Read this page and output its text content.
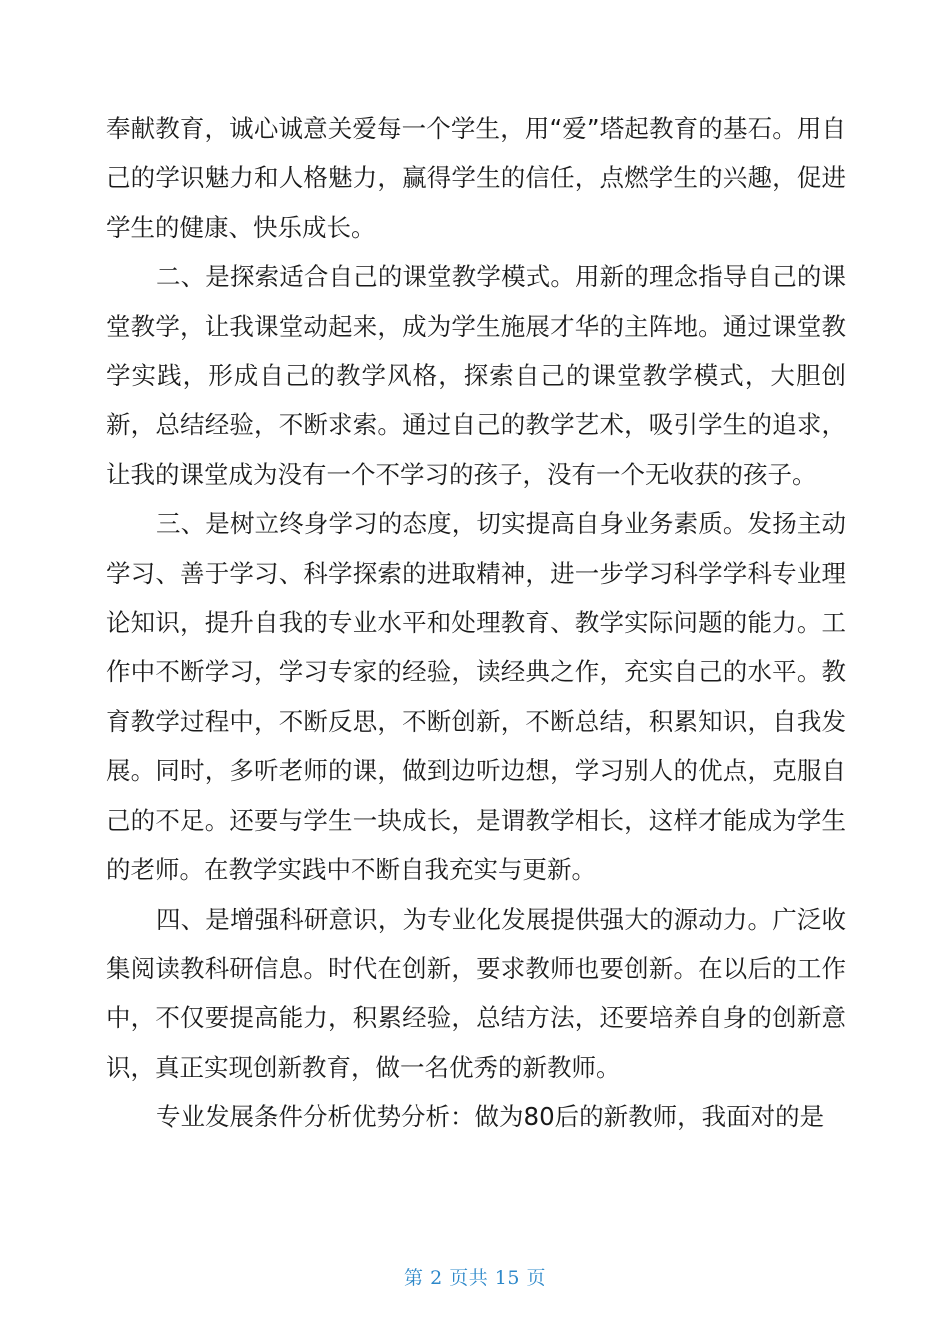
奉献教育，诚心诚意关爱每一个学生，用“爱”塔起教育的基石。用自己的学识魅力和人格魅力，赢得学生的信任，点燃学生的兴趣，促进学生的健康、快乐成长。

二、是探索适合自己的课堂教学模式。用新的理念指导自己的课堂教学，让我课堂动起来，成为学生施展才华的主阵地。通过课堂教学实践，形成自己的教学风格，探索自己的课堂教学模式，大胆创新，总结经验，不断求索。通过自己的教学艺术，吸引学生的追求，让我的课堂成为没有一个不学习的孩子，没有一个无收获的孩子。

三、是树立终身学习的态度，切实提高自身业务素质。发扬主动学习、善于学习、科学探索的进取精神，进一步学习科学学科专业理论知识，提升自我的专业水平和处理教育、教学实际问题的能力。工作中不断学习，学习专家的经验，读经典之作，充实自己的水平。教育教学过程中，不断反思，不断创新，不断总结，积累知识，自我发展。同时，多听老师的课，做到边听边想，学习别人的优点，克服自己的不足。还要与学生一块成长，是谓教学相长，这样才能成为学生的老师。在教学实践中不断自我充实与更新。

四、是增强科研意识，为专业化发展提供强大的源动力。广泛收集阅读教科研信息。时代在创新，要求教师也要创新。在以后的工作中，不仅要提高能力，积累经验，总结方法，还要培养自身的创新意识，真正实现创新教育，做一名优秀的新教师。

专业发展条件分析优势分析：做为80后的新教师，我面对的是

第 2 页共 15 页
